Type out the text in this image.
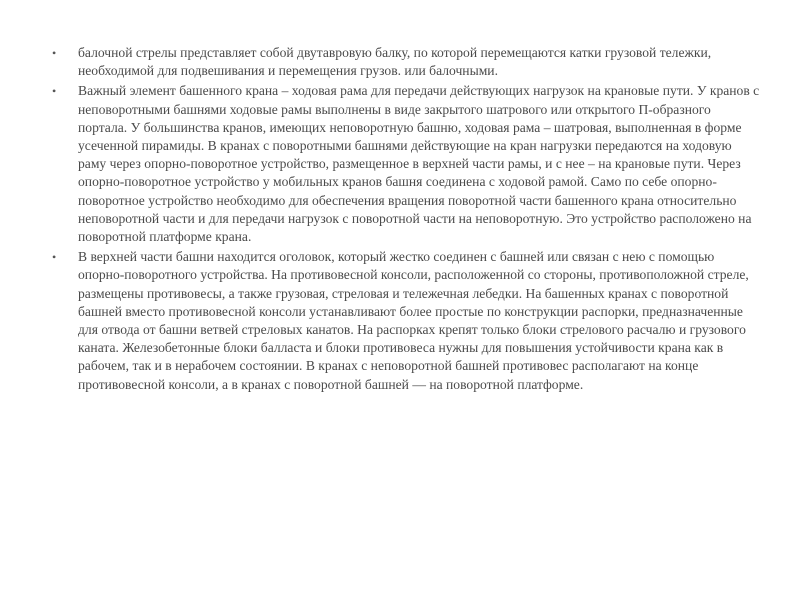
•	балочной стрелы представляет собой двутавровую балку, по которой перемещаются катки грузовой тележки, необходимой для подвешивания и перемещения грузов. или балочными.
•	Важный элемент башенного крана – ходовая рама для передачи действующих нагрузок на крановые пути. У кранов с неповоротными башнями ходовые рамы выполнены в виде закрытого шатрового или открытого П-образного портала. У большинства кранов, имеющих неповоротную башню, ходовая рама – шатровая, выполненная в форме усеченной пирамиды. В кранах с поворотными башнями действующие на кран нагрузки передаются на ходовую раму через опорно-поворотное устройство, размещенное в верхней части рамы, и с нее – на крановые пути. Через опорно-поворотное устройство у мобильных кранов башня соединена с ходовой рамой. Само по себе опорно-поворотное устройство необходимо для обеспечения вращения поворотной части башенного крана относительно неповоротной части и для передачи нагрузок с поворотной части на неповоротную. Это устройство расположено на поворотной платформе крана.
•	В верхней части башни находится оголовок, который жестко соединен с башней или связан с нею с помощью опорно-поворотного устройства. На противовесной консоли, расположенной со стороны, противоположной стреле, размещены противовесы, а также грузовая, стреловая и тележечная лебедки. На башенных кранах с поворотной башней вместо противовесной консоли устанавливают более простые по конструкции распорки, предназначенные для отвода от башни ветвей стреловых канатов. На распорках крепят только блоки стрелового расчалю и грузового каната. Железобетонные блоки балласта и блоки противовеса нужны для повышения устойчивости крана как в рабочем, так и в нерабочем состоянии. В кранах с неповоротной башней противовес располагают на конце противовесной консоли, а в кранах с поворотной башней — на поворотной платформе.
